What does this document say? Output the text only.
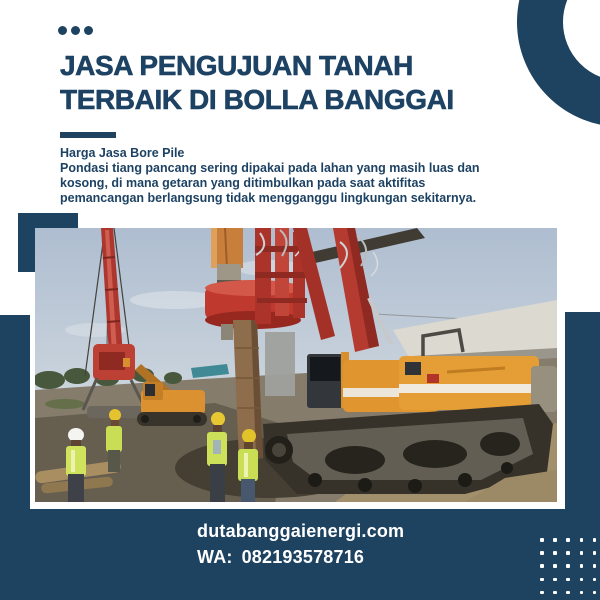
JASA PENGUJUAN TANAH
TERBAIK DI BOLLA BANGGAI
Harga Jasa Bore Pile
Pondasi tiang pancang sering dipakai pada lahan yang masih luas dan
kosong, di mana getaran yang ditimbulkan pada saat aktifitas
pemancangan berlangsung tidak mengganggu lingkungan sekitarnya.
dutabanggaienergi.com
WA: 082193578716
